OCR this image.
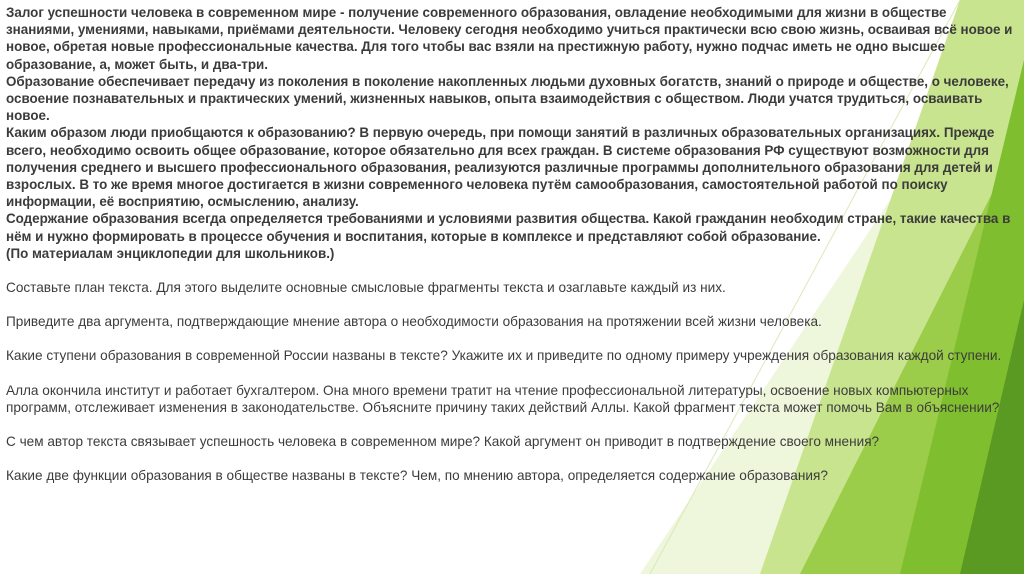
Залог успешности человека в современном мире - получение современного образования, овладение необходимыми для жизни в обществе знаниями, умениями, навыками, приёмами деятельности. Человеку сегодня необходимо учиться практически всю свою жизнь, осваивая всё новое и новое, обретая новые профессиональные качества. Для того чтобы вас взяли на престижную работу, нужно подчас иметь не одно высшее образование, а, может быть, и два-три.

Образование обеспечивает передачу из поколения в поколение накопленных людьми духовных богатств, знаний о природе и обществе, о человеке, освоение познавательных и практических умений, жизненных навыков, опыта взаимодействия с обществом. Люди учатся трудиться, осваивать новое.

Каким образом люди приобщаются к образованию? В первую очередь, при помощи занятий в различных образовательных организациях. Прежде всего, необходимо освоить общее образование, которое обязательно для всех граждан. В системе образования РФ существуют возможности для получения среднего и высшего профессионального образования, реализуются различные программы дополнительного образования для детей и взрослых. В то же время многое достигается в жизни современного человека путём самообразования, самостоятельной работой по поиску информации, её восприятию, осмыслению, анализу.

Содержание образования всегда определяется требованиями и условиями развития общества. Какой гражданин необходим стране, такие качества в нём и нужно формировать в процессе обучения и воспитания, которые в комплексе и представляют собой образование.

(По материалам энциклопедии для школьников.)

Составьте план текста. Для этого выделите основные смысловые фрагменты текста и озаглавьте каждый из них.

Приведите два аргумента, подтверждающие мнение автора о необходимости образования на протяжении всей жизни человека.

Какие ступени образования в современной России названы в тексте? Укажите их и приведите по одному примеру учреждения образования каждой ступени.

Алла окончила институт и работает бухгалтером. Она много времени тратит на чтение профессиональной литературы, освоение новых компьютерных программ, отслеживает изменения в законодательстве. Объясните причину таких действий Аллы. Какой фрагмент текста может помочь Вам в объяснении?

С чем автор текста связывает успешность человека в современном мире? Какой аргумент он приводит в подтверждение своего мнения?

Какие две функции образования в обществе названы в тексте? Чем, по мнению автора, определяется содержание образования?
